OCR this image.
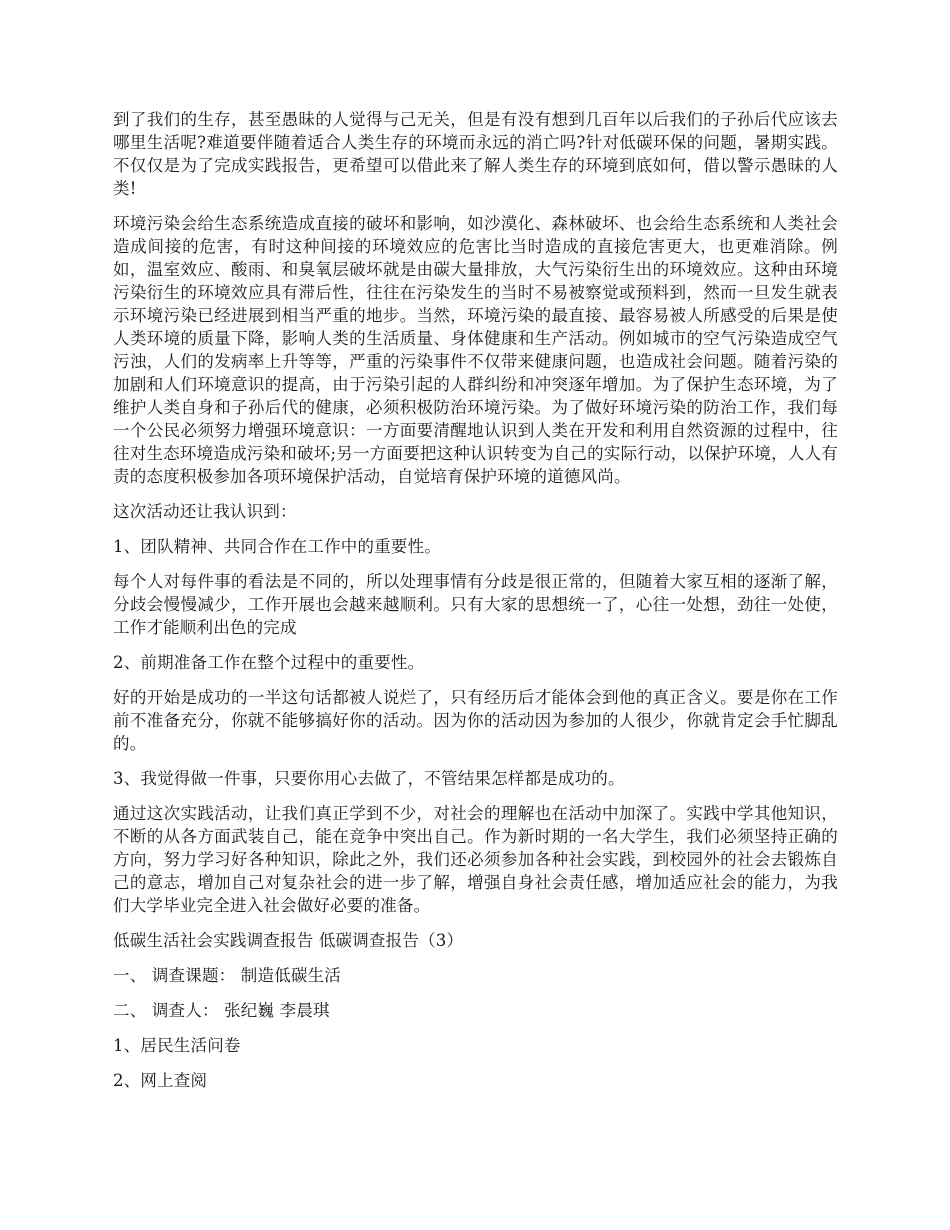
到了我们的生存，甚至愚昧的人觉得与己无关，但是有没有想到几百年以后我们的子孙后代应该去哪里生活呢?难道要伴随着适合人类生存的环境而永远的消亡吗?针对低碳环保的问题，暑期实践。不仅仅是为了完成实践报告，更希望可以借此来了解人类生存的环境到底如何，借以警示愚昧的人类!

环境污染会给生态系统造成直接的破坏和影响，如沙漠化、森林破坏、也会给生态系统和人类社会造成间接的危害，有时这种间接的环境效应的危害比当时造成的直接危害更大，也更难消除。例如，温室效应、酸雨、和臭氧层破坏就是由碳大量排放，大气污染衍生出的环境效应。这种由环境污染衍生的环境效应具有滞后性，往往在污染发生的当时不易被察觉或预料到，然而一旦发生就表示环境污染已经进展到相当严重的地步。当然，环境污染的最直接、最容易被人所感受的后果是使人类环境的质量下降，影响人类的生活质量、身体健康和生产活动。例如城市的空气污染造成空气污浊，人们的发病率上升等等，严重的污染事件不仅带来健康问题，也造成社会问题。随着污染的加剧和人们环境意识的提高，由于污染引起的人群纠纷和冲突逐年增加。为了保护生态环境，为了维护人类自身和子孙后代的健康，必须积极防治环境污染。为了做好环境污染的防治工作，我们每一个公民必须努力增强环境意识：一方面要清醒地认识到人类在开发和利用自然资源的过程中，往往对生态环境造成污染和破坏;另一方面要把这种认识转变为自己的实际行动，以保护环境，人人有责的态度积极参加各项环境保护活动，自觉培育保护环境的道德风尚。

这次活动还让我认识到：

1、团队精神、共同合作在工作中的重要性。

每个人对每件事的看法是不同的，所以处理事情有分歧是很正常的，但随着大家互相的逐渐了解，分歧会慢慢减少，工作开展也会越来越顺利。只有大家的思想统一了，心往一处想，劲往一处使，工作才能顺利出色的完成

2、前期准备工作在整个过程中的重要性。

好的开始是成功的一半这句话都被人说烂了，只有经历后才能体会到他的真正含义。要是你在工作前不准备充分，你就不能够搞好你的活动。因为你的活动因为参加的人很少，你就肯定会手忙脚乱的。

3、我觉得做一件事，只要你用心去做了，不管结果怎样都是成功的。

通过这次实践活动，让我们真正学到不少，对社会的理解也在活动中加深了。实践中学其他知识，不断的从各方面武装自己，能在竞争中突出自己。作为新时期的一名大学生，我们必须坚持正确的方向，努力学习好各种知识，除此之外，我们还必须参加各种社会实践，到校园外的社会去锻炼自己的意志，增加自己对复杂社会的进一步了解，增强自身社会责任感，增加适应社会的能力，为我们大学毕业完全进入社会做好必要的准备。

低碳生活社会实践调查报告 低碳调查报告（3）

一、 调查课题： 制造低碳生活

二、 调查人： 张纪巍 李晨琪

1、居民生活问卷

2、网上查阅
